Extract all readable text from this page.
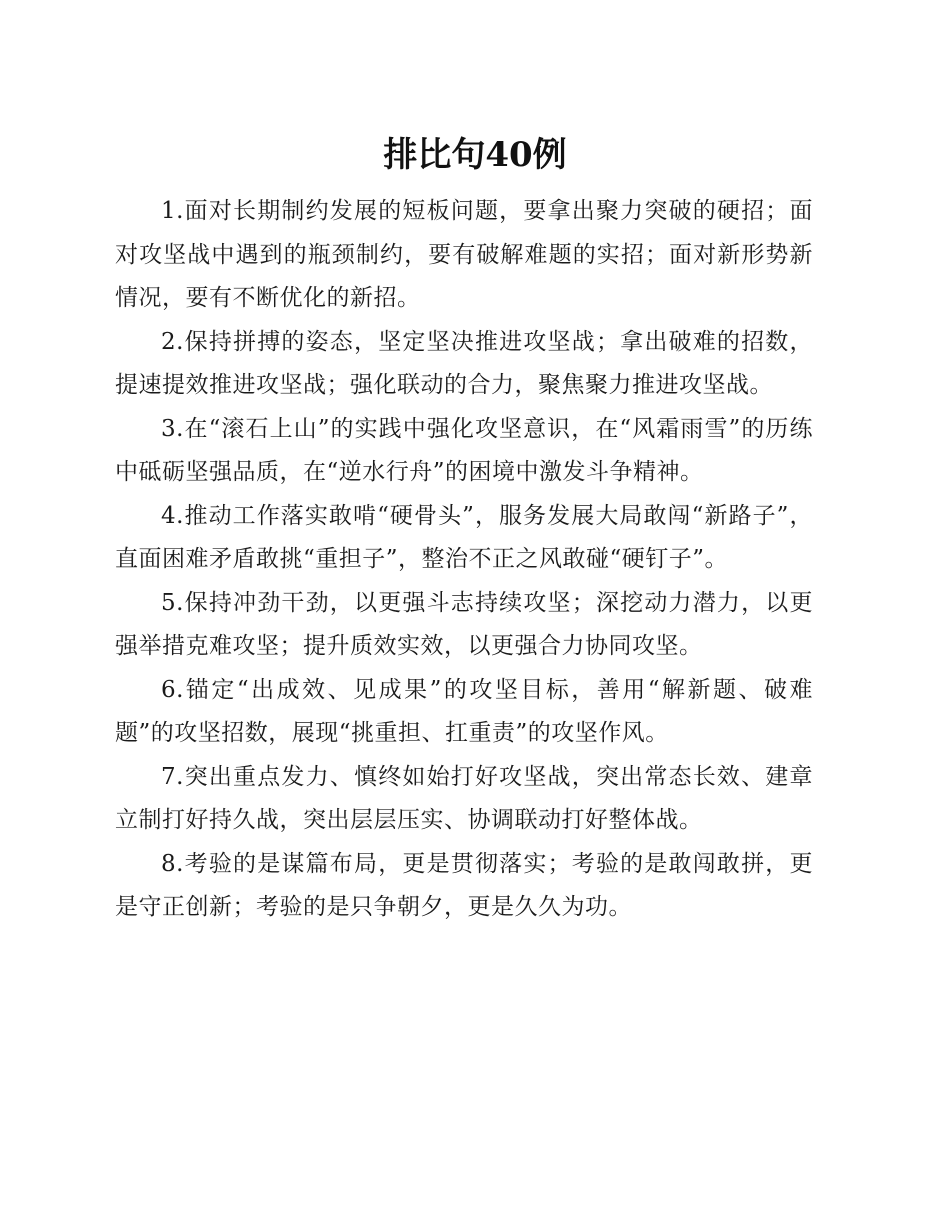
排比句40例

1.面对长期制约发展的短板问题，要拿出聚力突破的硬招；面对攻坚战中遇到的瓶颈制约，要有破解难题的实招；面对新形势新情况，要有不断优化的新招。

2.保持拼搏的姿态，坚定坚决推进攻坚战；拿出破难的招数，提速提效推进攻坚战；强化联动的合力，聚焦聚力推进攻坚战。

3.在“滚石上山”的实践中强化攻坚意识，在“风霜雨雪”的历练中砥砺坚强品质，在“逆水行舟”的困境中激发斗争精神。

4.推动工作落实敢啃“硬骨头”，服务发展大局敢闯“新路子”，直面困难矛盾敢挑“重担子”，整治不正之风敢碰“硬钉子”。

5.保持冲劲干劲，以更强斗志持续攻坚；深挖动力潜力，以更强举措克难攻坚；提升质效实效，以更强合力协同攻坚。

6.锚定“出成效、见成果”的攻坚目标，善用“解新题、破难题”的攻坚招数，展现“挑重担、扛重责”的攻坚作风。

7.突出重点发力、慎终如始打好攻坚战，突出常态长效、建章立制打好持久战，突出层层压实、协调联动打好整体战。

8.考验的是谋篇布局，更是贯彻落实；考验的是敢闯敢拼，更是守正创新；考验的是只争朝夕，更是久久为功。
